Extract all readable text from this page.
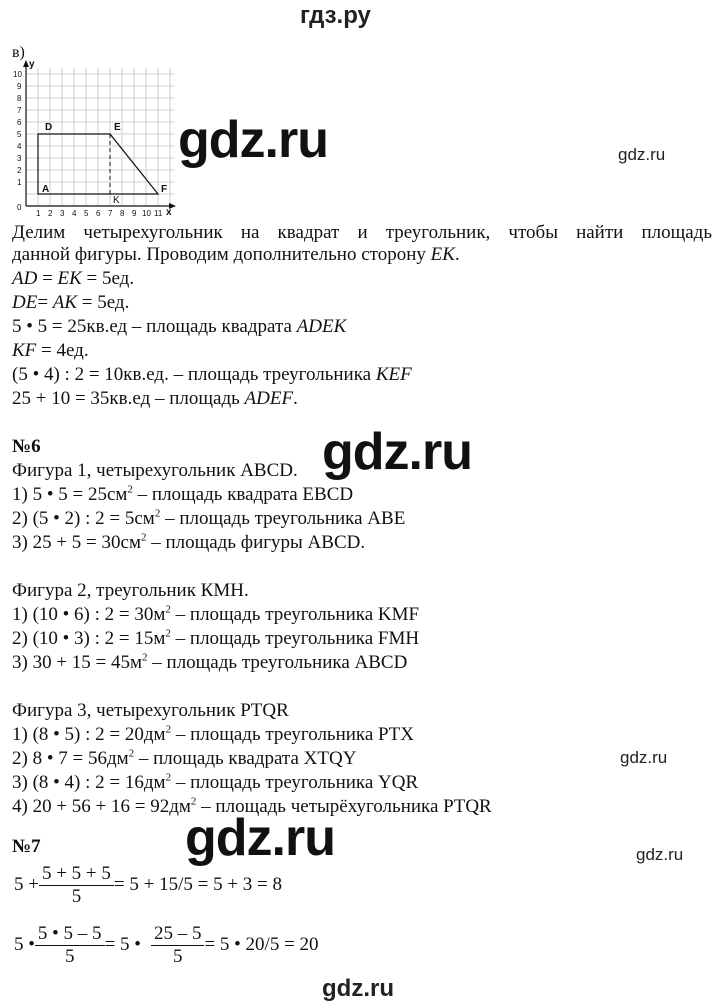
гдз.ру
в)
10
9
8
7
6
5
4
3
2
1
0
1 2 3 4 5 6 7 8 9 10 11
y
x
D	E
A	F
K
gdz.ru	gdz.ru
Делим четырехугольник на квадрат и треугольник, чтобы найти площадь
данной фигуры. Проводим дополнительно сторону ЕК.
AD = ЕК = 5ед.
DE= АК = 5ед.
5 • 5 = 25кв.ед – площадь квадрата ADEK
KF = 4ед.
(5 • 4) : 2 = 10кв.ед. – площадь треугольника KEF
25 + 10 = 35кв.ед – площадь ADEF.
№6	gdz.ru
Фигура 1, четырехугольник ABCD.
1) 5 • $5 = 25см^2$ – площадь квадрата EBCD
2) (5 • 2) : $2 = 5см^2$ – площадь треугольника ABE
3) $25 + 5 = 30см^2$ – площадь фигуры ABCD.
Фигура 2, треугольник КМН.
1) (10 • 6) : $2 = 30м^2$ – площадь треугольника KMF
2) (10 • 3) : $2 = 15м^2$ – площадь треугольника FMH
3) $30 + 15 = 45м^2$ – площадь треугольника ABCD
Фигура 3, четырехугольник PTQR
1) (8 • 5) : $2 = 20дм^2$ – площадь треугольника PTX
2) 8 • $7 = 56дм^2$ – площадь квадрата XTQY	gdz.ru
3) (8 • 4) : $2 = 16дм^2$ – площадь треугольника YQR
4) $20 + 56 + 16 = 92дм^2$ – площадь четырёхугольника PTQR
gdz.ru
№7	gdz.ru
$5 + \frac{5 + 5 + 5}{5} = 5 + 15/5 = 5 + 3 = 8$
5 • $\frac{5 • 5 - 5}{5} = 5$ • $\frac{25 - 5}{5} = 5$ • 20/5 = 20
gdz.ru
